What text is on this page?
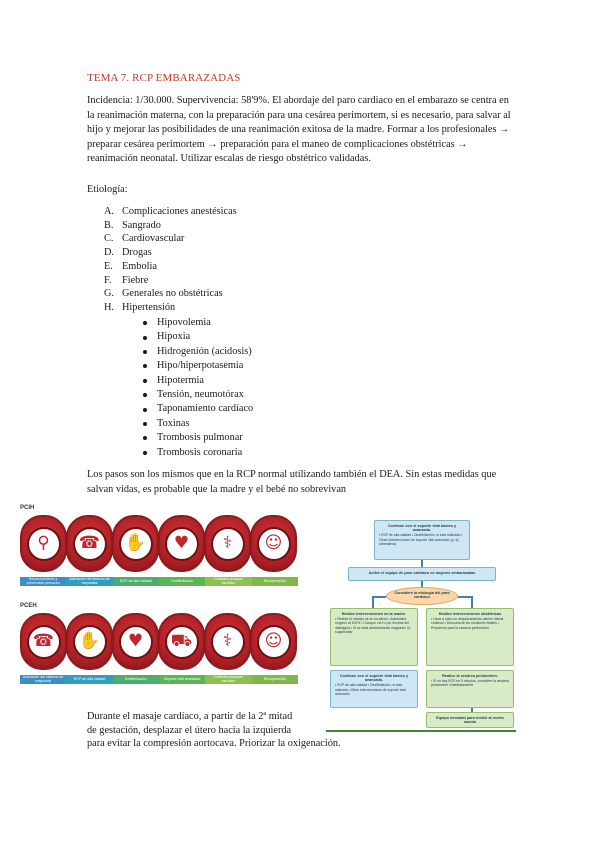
TEMA 7. RCP EMBARAZADAS

Incidencia: 1/30.000. Supervivencia: 58'9%. El abordaje del paro cardiaco en el embarazo se centra en la reanimación materna, con la preparación para una cesárea perimortem, si es necesario, para salvar al hijo y mejorar las posibilidades de una reanimación exitosa de la madre. Formar a los profesionales → preparar cesárea perimortem → preparación para el maneo de complicaciones obstétricas → reanimación neonatal. Utilizar escalas de riesgo obstétrico validadas.

Etiología:
A. Complicaciones anestésicas
B. Sangrado
C. Cardiovascular
D. Drogas
E. Embolia
F.	Fiebre
G. Generales no obstétricas
H. Hipertensión
Hipovolemia
Hipoxia
Hidrogenión (acidosis)
Hipo/hiperpotasemia
Hipotermia
Tensión, neumotórax
Taponamiento cardíaco
Toxinas
Trombosis pulmonar
Trombosis coronaria

Los pasos son los mismos que en la RCP normal utilizando también el DEA. Sin estas medidas que salvan vidas, es probable que la madre y el bebé no sobrevivan

PCIH
⚲ ☎ ✋ ♥ ⚕ ☺
Reconocimiento y prevención precoces
Activación del sistema de respuesta	RCP de alta calidad	Desfibrilación	Cuidados posparo cardíaco	Recuperación
PCEH
☎ ✋ ♥ ⛟ ⚕ ☺
Activación del sistema de respuesta	RCP de alta calidad	Desfibrilación	Soporte vital avanzado	Cuidados posparo cardíaco	Recuperación
Continúe con el soporte vital básico y avanzado.
• RCP de alta calidad • Desfibrilación, si está indicada • Otras intervenciones de soporte vital avanzado (p. ej., adrenalina)
Active el equipo de paro cardíaco en mujeres embarazadas
Considere la etiología del paro cardíaco
Realice intervenciones en la madre.
• Realice el manejo de la vía aérea • Administre oxígeno al 100% • Coloque vía IV por encima del diafragma • Si se está administrando magnesio IV, suspéndalo
Realice intervenciones obstétricas
• Lleve a cabo un desplazamiento uterino lateral continuo • Desconecte los monitores fetales • Prepárese para la cesárea perimortem
Continúe con el soporte vital básico y avanzado.
• RCP de alta calidad • Desfibrilación, si está indicada • Otras intervenciones de soporte vital avanzado
Realice la cesárea perimortem.
• Si no hay RCE en 5 minutos, considere la cesárea perimortem inmediatamente
Equipo neonatal para recibir al recién nacido
Durante el masaje cardíaco, a partir de la 2ª mitad
de gestación, desplazar el útero hacia la izquierda
para evitar la compresión aortocava. Priorizar la oxigenación.
